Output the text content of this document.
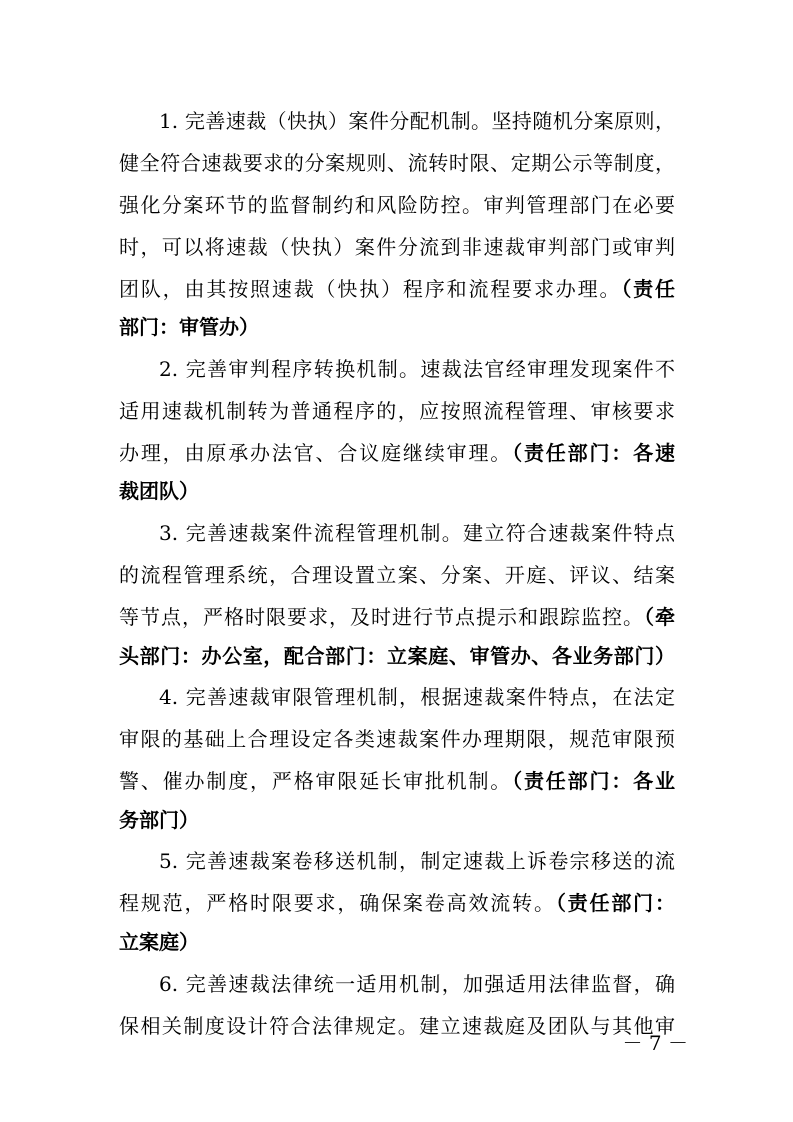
1. 完善速裁（快执）案件分配机制。坚持随机分案原则，
健全符合速裁要求的分案规则、流转时限、定期公示等制度，
强化分案环节的监督制约和风险防控。审判管理部门在必要
时，可以将速裁（快执）案件分流到非速裁审判部门或审判
团队，由其按照速裁（快执）程序和流程要求办理。（责任
部门：审管办）
2. 完善审判程序转换机制。速裁法官经审理发现案件不
适用速裁机制转为普通程序的，应按照流程管理、审核要求
办理，由原承办法官、合议庭继续审理。（责任部门：各速
裁团队）
3. 完善速裁案件流程管理机制。建立符合速裁案件特点
的流程管理系统，合理设置立案、分案、开庭、评议、结案
等节点，严格时限要求，及时进行节点提示和跟踪监控。（牵
头部门：办公室，配合部门：立案庭、审管办、各业务部门）
4. 完善速裁审限管理机制，根据速裁案件特点，在法定
审限的基础上合理设定各类速裁案件办理期限，规范审限预
警、催办制度，严格审限延长审批机制。（责任部门：各业
务部门）
5. 完善速裁案卷移送机制，制定速裁上诉卷宗移送的流
程规范，严格时限要求，确保案卷高效流转。（责任部门：
立案庭）
6. 完善速裁法律统一适用机制，加强适用法律监督，确
保相关制度设计符合法律规定。建立速裁庭及团队与其他审
－ 7 －
